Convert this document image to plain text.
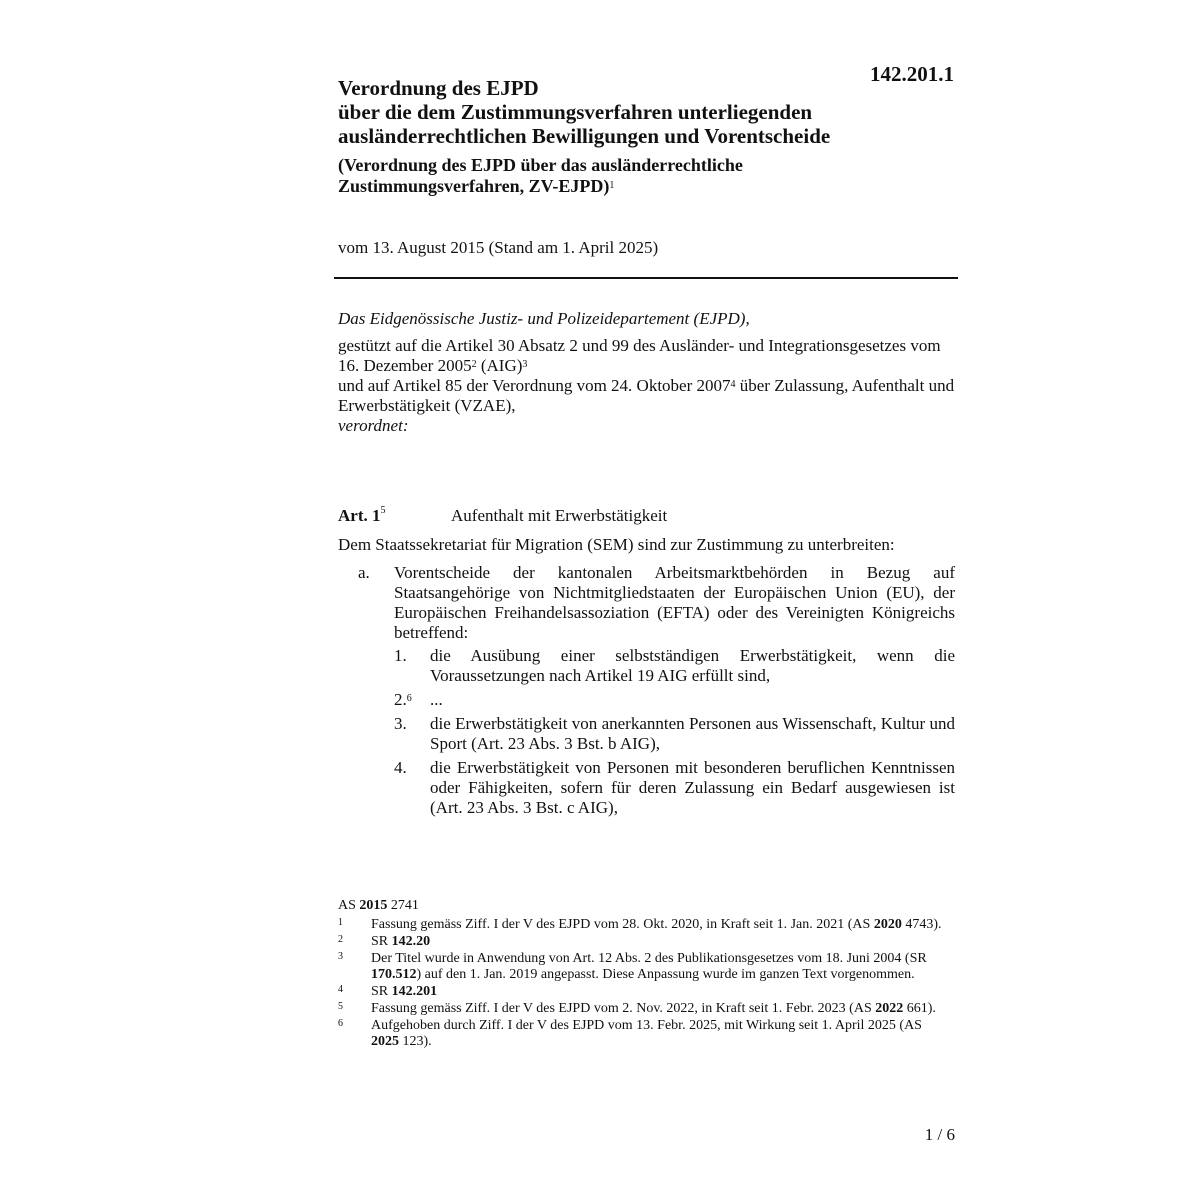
142.201.1
Verordnung des EJPD
über die dem Zustimmungsverfahren unterliegenden
ausländerrechtlichen Bewilligungen und Vorentscheide
(Verordnung des EJPD über das ausländerrechtliche
Zustimmungsverfahren, ZV-EJPD)$^1$
vom 13. August 2015 (Stand am 1. April 2025)
Das Eidgenössische Justiz- und Polizeidepartement (EJPD),
gestützt auf die Artikel 30 Absatz 2 und 99 des Ausländer- und Integrationsgesetzes vom 16. Dezember 2005$^2$ (AIG)$^3$
und auf Artikel 85 der Verordnung vom 24. Oktober 2007$^4$ über Zulassung, Aufenthalt und Erwerbstätigkeit (VZAE),
verordnet:
Art. $1^5$	Aufenthalt mit Erwerbstätigkeit
Dem Staatssekretariat für Migration (SEM) sind zur Zustimmung zu unterbreiten:
a. Vorentscheide der kantonalen Arbeitsmarktbehörden in Bezug auf Staatsangehörige von Nichtmitgliedstaaten der Europäischen Union (EU), der Europäischen Freihandelsassoziation (EFTA) oder des Vereinigten Königreichs betreffend:
1. die Ausübung einer selbstständigen Erwerbstätigkeit, wenn die Voraussetzungen nach Artikel 19 AIG erfüllt sind,
2.$^6$ ...
3. die Erwerbstätigkeit von anerkannten Personen aus Wissenschaft, Kultur und Sport (Art. 23 Abs. 3 Bst. b AIG),
4. die Erwerbstätigkeit von Personen mit besonderen beruflichen Kenntnissen oder Fähigkeiten, sofern für deren Zulassung ein Bedarf ausgewiesen ist (Art. 23 Abs. 3 Bst. c AIG),
AS 2015 2741
1 Fassung gemäss Ziff. I der V des EJPD vom 28. Okt. 2020, in Kraft seit 1. Jan. 2021 (AS 2020 4743).
2 SR 142.20
3 Der Titel wurde in Anwendung von Art. 12 Abs. 2 des Publikationsgesetzes vom 18. Juni 2004 (SR 170.512) auf den 1. Jan. 2019 angepasst. Diese Anpassung wurde im ganzen Text vorgenommen.
4 SR 142.201
5 Fassung gemäss Ziff. I der V des EJPD vom 2. Nov. 2022, in Kraft seit 1. Febr. 2023 (AS 2022 661).
6 Aufgehoben durch Ziff. I der V des EJPD vom 13. Febr. 2025, mit Wirkung seit 1. April 2025 (AS 2025 123).
1 / 6
